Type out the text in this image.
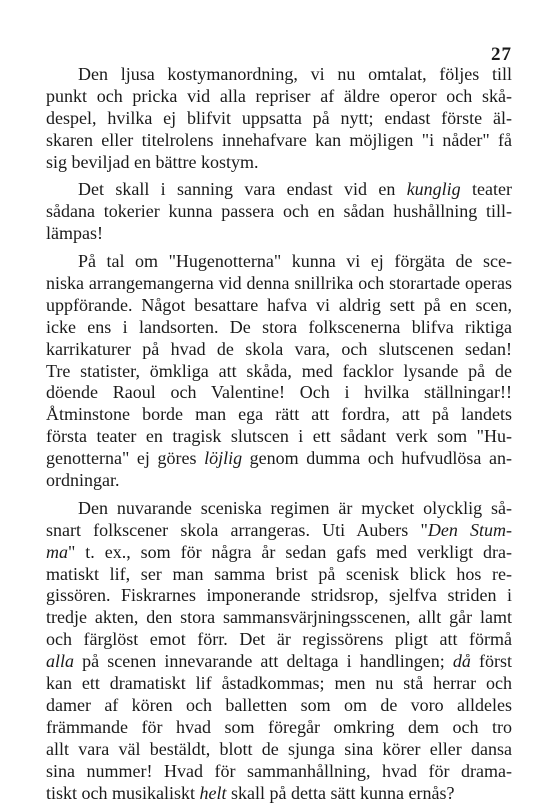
27
Den ljusa kostymanordning, vi nu omtalat, följes till
punkt och pricka vid alla repriser af äldre operor och skå-
despel, hvilka ej blifvit uppsatta på nytt; endast förste äl-
skaren eller titelrolens innehafvare kan möjligen "i nåder" få
sig beviljad en bättre kostym.
Det skall i sanning vara endast vid en kunglig teater
sådana tokerier kunna passera och en sådan hushållning till-
lämpas!
På tal om "Hugenotterna" kunna vi ej förgäta de sce-
niska arrangemangerna vid denna snillrika och storartade operas
uppförande. Något besattare hafva vi aldrig sett på en scen,
icke ens i landsorten. De stora folkscenerna blifva riktiga
karrikaturer på hvad de skola vara, och slutscenen sedan!
Tre statister, ömkliga att skåda, med facklor lysande på de
döende Raoul och Valentine! Och i hvilka ställningar!!
Åtminstone borde man ega rätt att fordra, att på landets
första teater en tragisk slutscen i ett sådant verk som "Hu-
genotterna" ej göres löjlig genom dumma och hufvudlösa an-
ordningar.
Den nuvarande sceniska regimen är mycket olycklig så-
snart folkscener skola arrangeras. Uti Aubers "Den Stum-
ma" t. ex., som för några år sedan gafs med verkligt dra-
matiskt lif, ser man samma brist på scenisk blick hos re-
gissören. Fiskrarnes imponerande stridsrop, sjelfva striden i
tredje akten, den stora sammansvärjningsscenen, allt går lamt
och färglöst emot förr. Det är regissörens pligt att förmå
alla på scenen innevarande att deltaga i handlingen; då först
kan ett dramatiskt lif åstadkommas; men nu stå herrar och
damer af kören och balletten som om de voro alldeles
främmande för hvad som föregår omkring dem och tro
allt vara väl bestäldt, blott de sjunga sina körer eller dansa
sina nummer! Hvad för sammanhållning, hvad för drama-
tiskt och musikaliskt helt skall på detta sätt kunna ernås?
